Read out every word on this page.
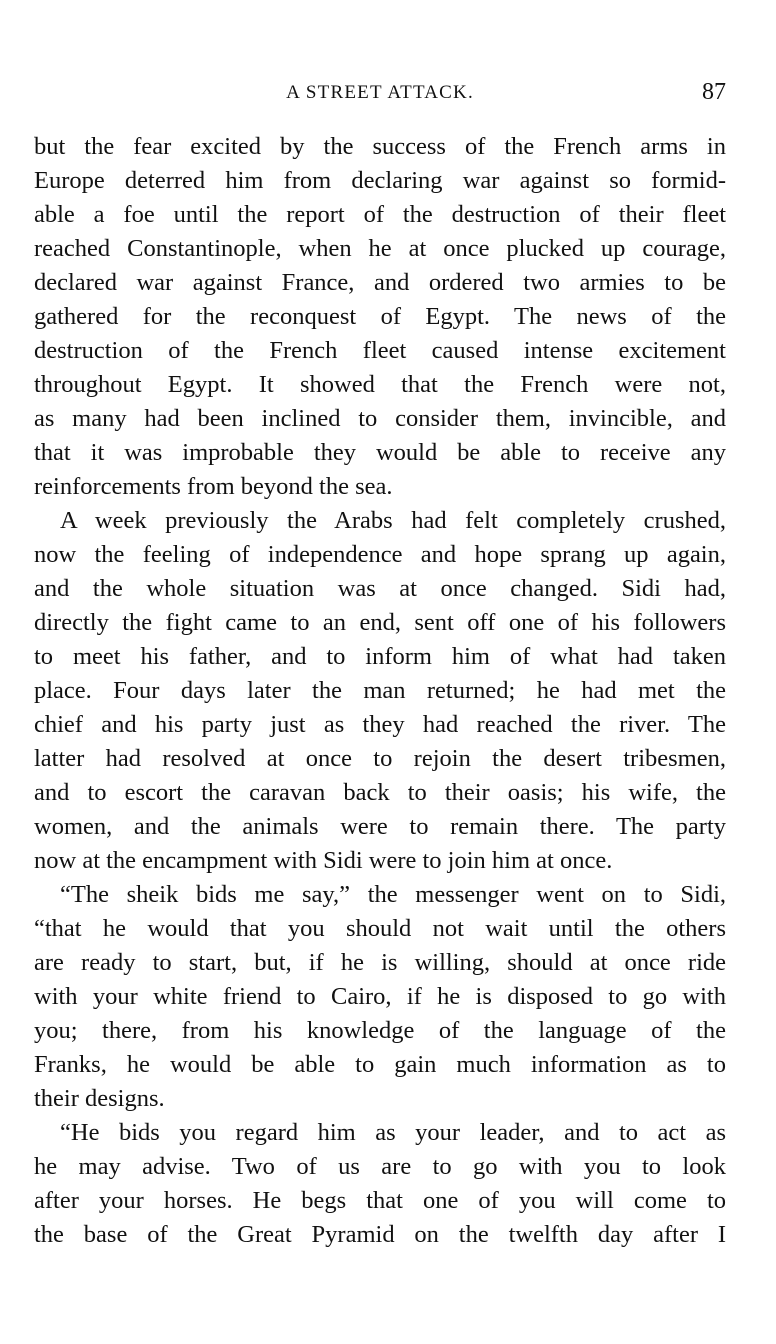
A STREET ATTACK.	87
but the fear excited by the success of the French arms in
Europe deterred him from declaring war against so formid-
able a foe until the report of the destruction of their fleet
reached Constantinople, when he at once plucked up courage,
declared war against France, and ordered two armies to be
gathered for the reconquest of Egypt. The news of the
destruction of the French fleet caused intense excitement
throughout Egypt. It showed that the French were not,
as many had been inclined to consider them, invincible, and
that it was improbable they would be able to receive any
reinforcements from beyond the sea.
A week previously the Arabs had felt completely crushed,
now the feeling of independence and hope sprang up again,
and the whole situation was at once changed. Sidi had,
directly the fight came to an end, sent off one of his followers
to meet his father, and to inform him of what had taken
place. Four days later the man returned; he had met the
chief and his party just as they had reached the river. The
latter had resolved at once to rejoin the desert tribesmen,
and to escort the caravan back to their oasis; his wife, the
women, and the animals were to remain there. The party
now at the encampment with Sidi were to join him at once.
“The sheik bids me say,” the messenger went on to Sidi,
“that he would that you should not wait until the others
are ready to start, but, if he is willing, should at once ride
with your white friend to Cairo, if he is disposed to go with
you; there, from his knowledge of the language of the
Franks, he would be able to gain much information as to
their designs.
“He bids you regard him as your leader, and to act as
he may advise. Two of us are to go with you to look
after your horses. He begs that one of you will come to
the base of the Great Pyramid on the twelfth day after I
